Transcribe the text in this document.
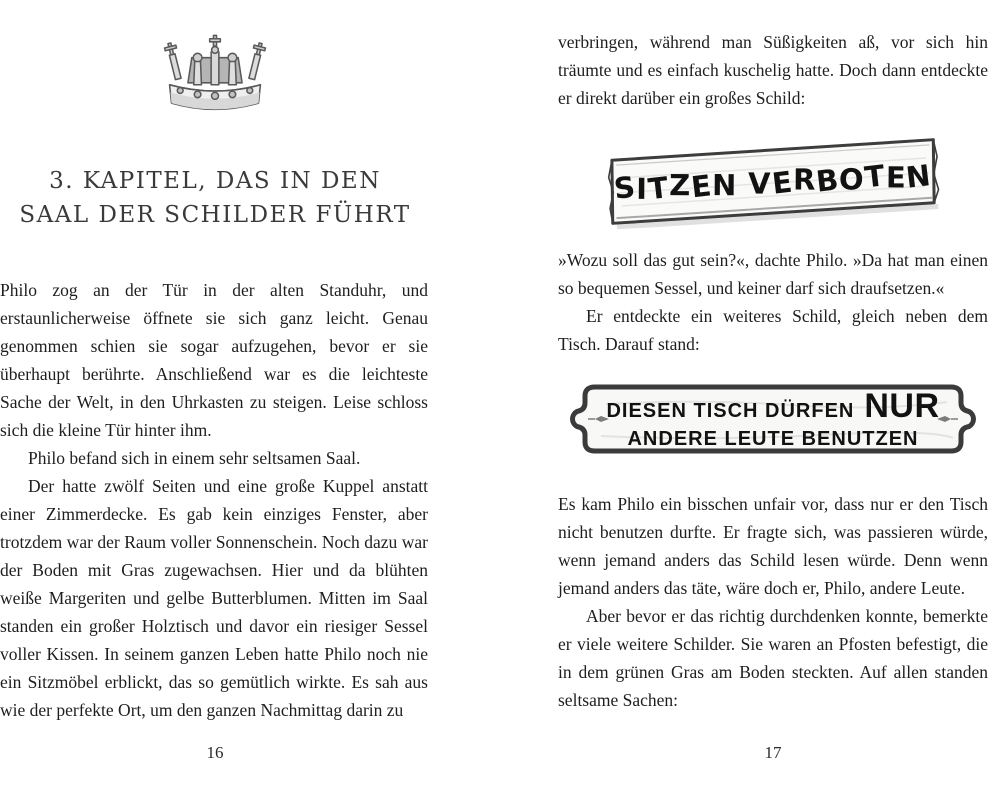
3. KAPITEL, DAS IN DEN
SAAL DER SCHILDER FÜHRT

Philo zog an der Tür in der alten Standuhr, und erstaunlicherweise öffnete sie sich ganz leicht. Genau genommen schien sie sogar aufzugehen, bevor er sie überhaupt berührte. Anschließend war es die leichteste Sache der Welt, in den Uhrkasten zu steigen. Leise schloss sich die kleine Tür hinter ihm.

Philo befand sich in einem sehr seltsamen Saal.

Der hatte zwölf Seiten und eine große Kuppel anstatt einer Zimmerdecke. Es gab kein einziges Fenster, aber trotzdem war der Raum voller Sonnenschein. Noch dazu war der Boden mit Gras zugewachsen. Hier und da blühten weiße Margeriten und gelbe Butterblumen. Mitten im Saal standen ein großer Holztisch und davor ein riesiger Sessel voller Kissen. In seinem ganzen Leben hatte Philo noch nie ein Sitzmöbel erblickt, das so gemütlich wirkte. Es sah aus wie der perfekte Ort, um den ganzen Nachmittag darin zu

16

verbringen, während man Süßigkeiten aß, vor sich hin träumte und es einfach kuschelig hatte. Doch dann entdeckte er direkt darüber ein großes Schild:

S
I
T
Z
E
N
V
E
R
B
O
T
E
N

»Wozu soll das gut sein?«, dachte Philo. »Da hat man einen so bequemen Sessel, und keiner darf sich draufsetzen.«

Er entdeckte ein weiteres Schild, gleich neben dem Tisch. Darauf stand:

DIESEN TISCH DÜRFEN NUR
ANDERE LEUTE BENUTZEN

Es kam Philo ein bisschen unfair vor, dass nur er den Tisch nicht benutzen durfte. Er fragte sich, was passieren würde, wenn jemand anders das Schild lesen würde. Denn wenn jemand anders das täte, wäre doch er, Philo, andere Leute.

Aber bevor er das richtig durchdenken konnte, bemerkte er viele weitere Schilder. Sie waren an Pfosten befestigt, die in dem grünen Gras am Boden steckten. Auf allen standen seltsame Sachen:

17
